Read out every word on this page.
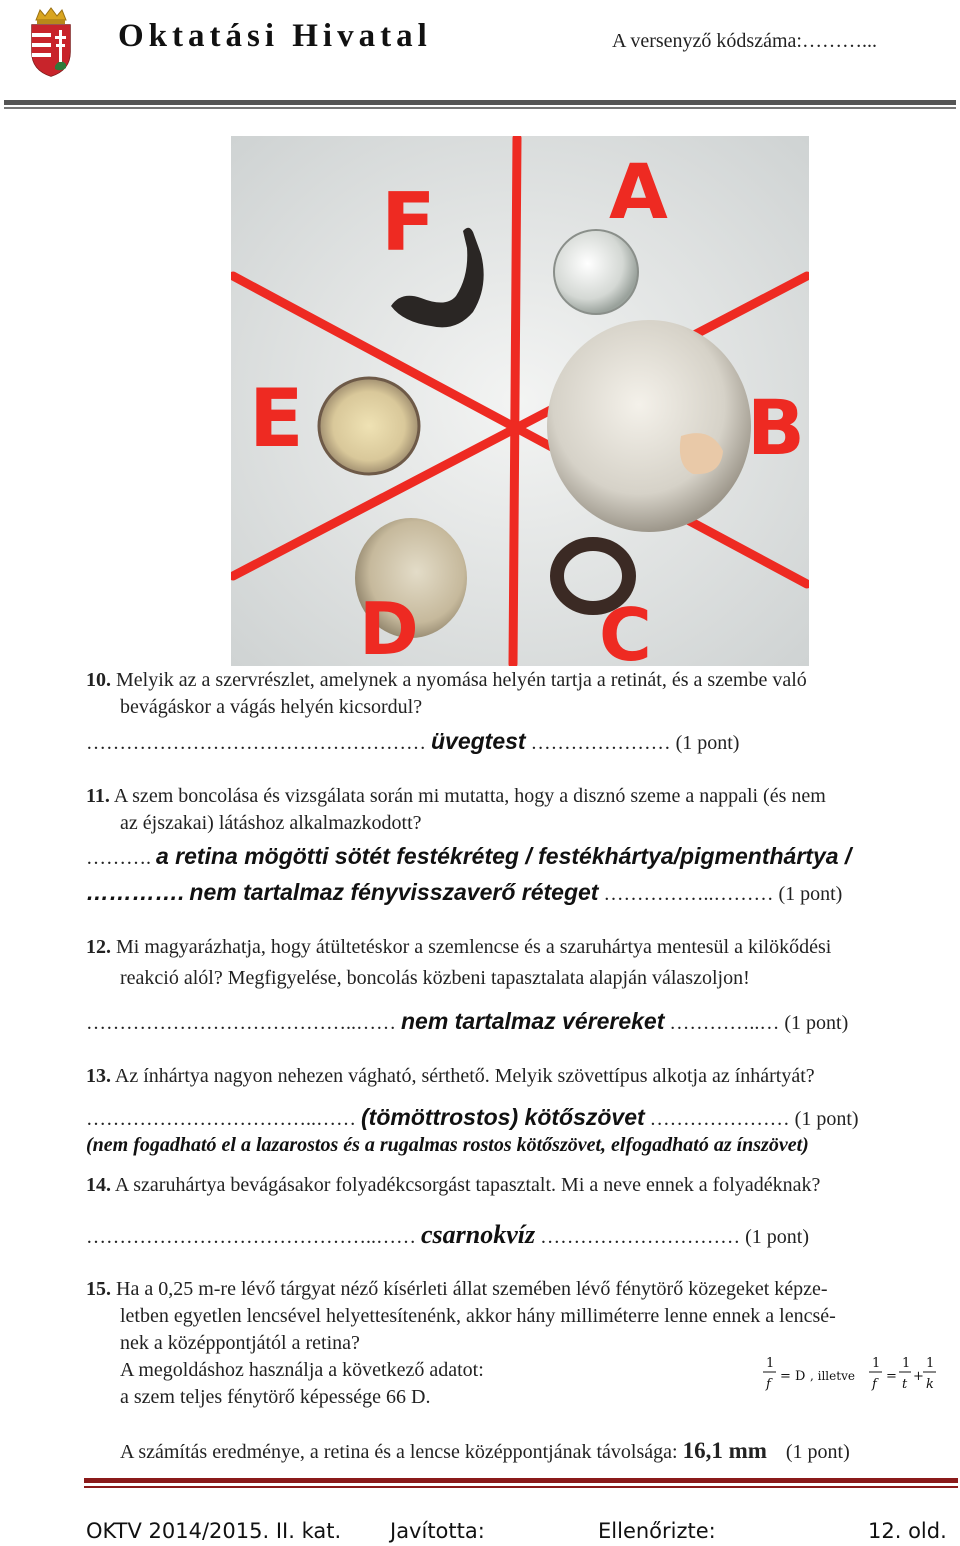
Oktatási Hivatal	A versenyző kódszáma:………...
F A
E	B
D	C
10. Melyik az a szervrészlet, amelynek a nyomása helyén tartja a retinát, és a szembe való
bevágáskor a vágás helyén kicsordul?
…………………………………………… üvegtest ………………… (1 pont)
11. A szem boncolása és vizsgálata során mi mutatta, hogy a disznó szeme a nappali (és nem
az éjszakai) látáshoz alkalmazkodott?
………. a retina mögötti sötét festékréteg / festékhártya/pigmenthártya /
…………. nem tartalmaz fényvisszaverő réteget ……………..……… (1 pont)
12. Mi magyarázhatja, hogy átültetéskor a szemlencse és a szaruhártya mentesül a kilökődési
reakció alól? Megfigyelése, boncolás közbeni tapasztalata alapján válaszoljon!
…………………………………..…… nem tartalmaz vérereket …………..… (1 pont)
13. Az ínhártya nagyon nehezen vágható, sérthető. Melyik szövettípus alkotja az ínhártyát?
……………………………..…… (tömöttrostos) kötőszövet ………………… (1 pont)
(nem fogadható el a lazarostos és a rugalmas rostos kötőszövet, elfogadható az ínszövet)
14. A szaruhártya bevágásakor folyadékcsorgást tapasztalt. Mi a neve ennek a folyadéknak?
……………………………………..…… csarnokvíz ………………………… (1 pont)
15. Ha a 0,25 m-re lévő tárgyat néző kísérleti állat szemében lévő fénytörő közegeket képze-
letben egyetlen lencsével helyettesítenénk, akkor hány milliméterre lenne ennek a lencsé-
nek a középpontjától a retina?
A megoldáshoz használja a következő adatot:
a szem teljes fénytörő képessége 66 D.
1
f
= D , illetve
1
f
=
1
t
+
1
k
A számítás eredménye, a retina és a lencse középpontjának távolsága: 16,1 mm (1 pont)
OKTV 2014/2015. II. kat. Javította:	Ellenőrizte:	12. old.
